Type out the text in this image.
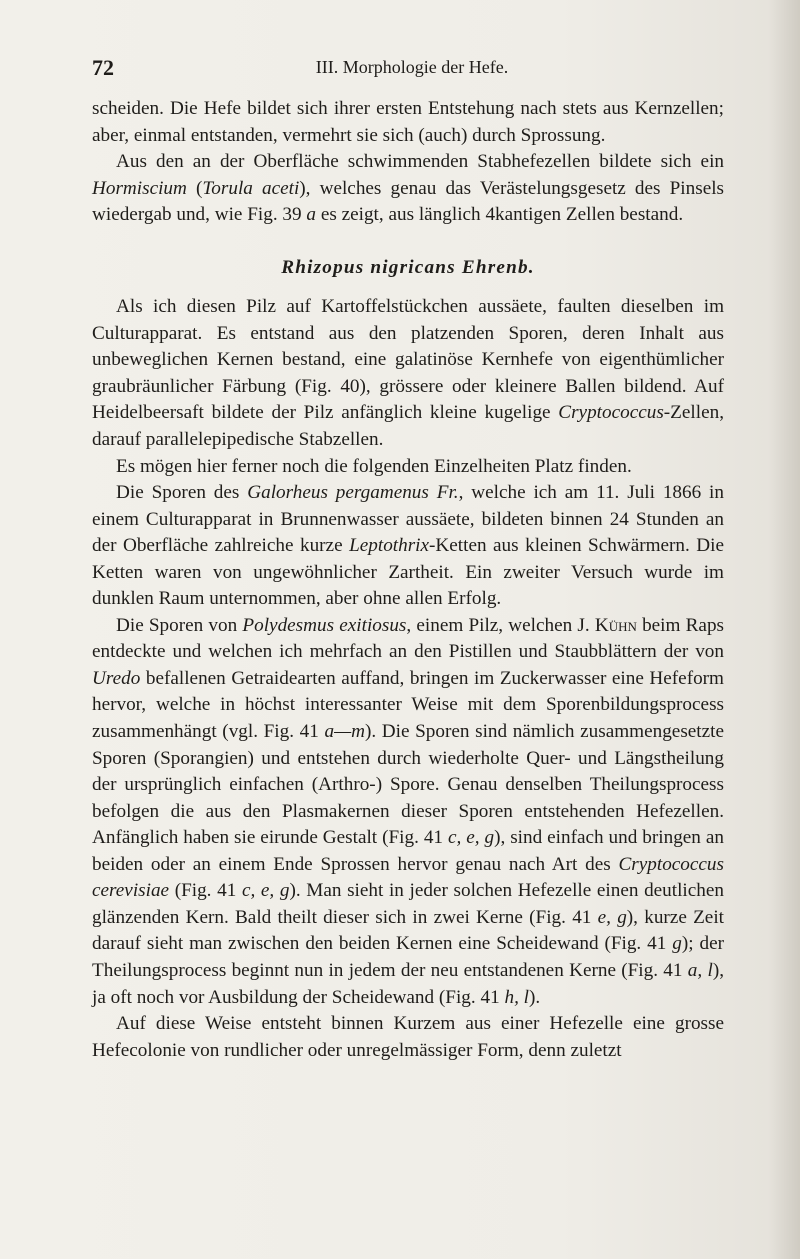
72	III. Morphologie der Hefe.

scheiden. Die Hefe bildet sich ihrer ersten Entstehung nach stets aus Kernzellen; aber, einmal entstanden, vermehrt sie sich (auch) durch Sprossung.

Aus den an der Oberfläche schwimmenden Stabhefezellen bildete sich ein Hormiscium (Torula aceti), welches genau das Verästelungsgesetz des Pinsels wiedergab und, wie Fig. 39 a es zeigt, aus länglich 4kantigen Zellen bestand.

Rhizopus nigricans Ehrenb.

Als ich diesen Pilz auf Kartoffelstückchen aussäete, faulten dieselben im Culturapparat. Es entstand aus den platzenden Sporen, deren Inhalt aus unbeweglichen Kernen bestand, eine galatinöse Kernhefe von eigenthümlicher graubräunlicher Färbung (Fig. 40), grössere oder kleinere Ballen bildend. Auf Heidelbeersaft bildete der Pilz anfänglich kleine kugelige Cryptococcus-Zellen, darauf parallelepipedische Stabzellen.

Es mögen hier ferner noch die folgenden Einzelheiten Platz finden.

Die Sporen des Galorheus pergamenus Fr., welche ich am 11. Juli 1866 in einem Culturapparat in Brunnenwasser aussäete, bildeten binnen 24 Stunden an der Oberfläche zahlreiche kurze Leptothrix-Ketten aus kleinen Schwärmern. Die Ketten waren von ungewöhnlicher Zartheit. Ein zweiter Versuch wurde im dunklen Raum unternommen, aber ohne allen Erfolg.

Die Sporen von Polydesmus exitiosus, einem Pilz, welchen J. Kühn beim Raps entdeckte und welchen ich mehrfach an den Pistillen und Staubblättern der von Uredo befallenen Getraidearten auffand, bringen im Zuckerwasser eine Hefeform hervor, welche in höchst interessanter Weise mit dem Sporenbildungsprocess zusammenhängt (vgl. Fig. 41 a—m). Die Sporen sind nämlich zusammengesetzte Sporen (Sporangien) und entstehen durch wiederholte Quer- und Längstheilung der ursprünglich einfachen (Arthro-) Spore. Genau denselben Theilungsprocess befolgen die aus den Plasmakernen dieser Sporen entstehenden Hefezellen. Anfänglich haben sie eirunde Gestalt (Fig. 41 c, e, g), sind einfach und bringen an beiden oder an einem Ende Sprossen hervor genau nach Art des Cryptococcus cerevisiae (Fig. 41 c, e, g). Man sieht in jeder solchen Hefezelle einen deutlichen glänzenden Kern. Bald theilt dieser sich in zwei Kerne (Fig. 41 e, g), kurze Zeit darauf sieht man zwischen den beiden Kernen eine Scheidewand (Fig. 41 g); der Theilungsprocess beginnt nun in jedem der neu entstandenen Kerne (Fig. 41 a, l), ja oft noch vor Ausbildung der Scheidewand (Fig. 41 h, l).

Auf diese Weise entsteht binnen Kurzem aus einer Hefezelle eine grosse Hefecolonie von rundlicher oder unregelmässiger Form, denn zuletzt
